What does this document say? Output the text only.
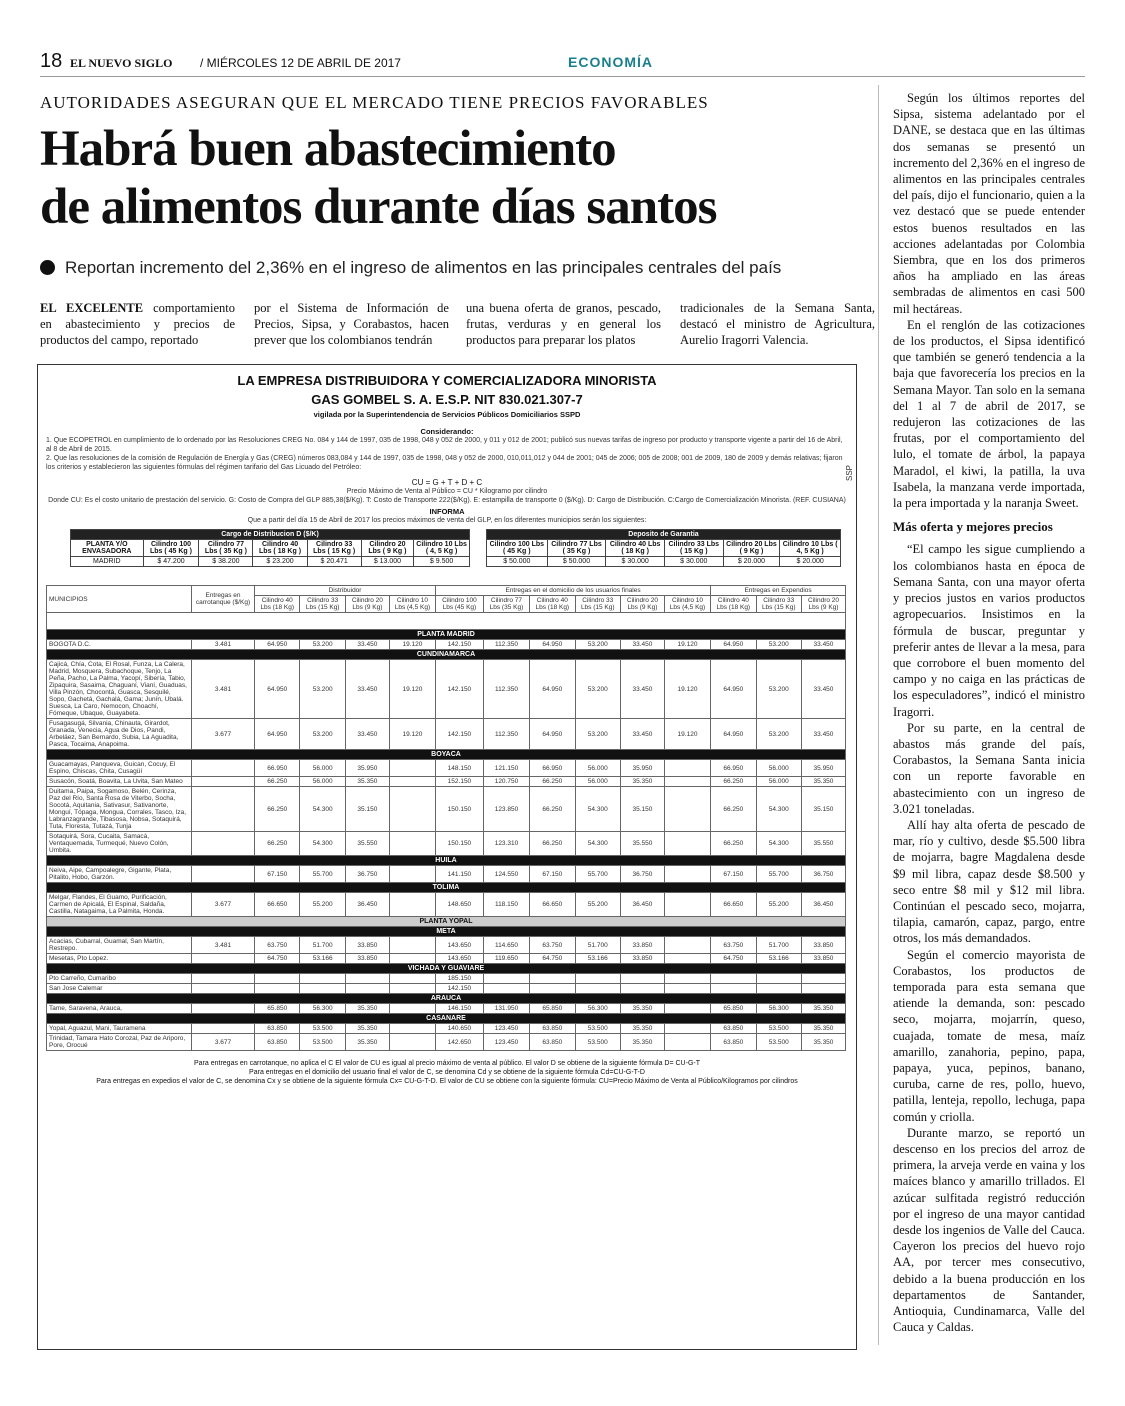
18 EL NUEVO SIGLO / MIÉRCOLES 12 DE ABRIL DE 2017	ECONOMÍA
AUTORIDADES ASEGURAN QUE EL MERCADO TIENE PRECIOS FAVORABLES
Habrá buen abastecimiento
de alimentos durante días santos
Reportan incremento del 2,36% en el ingreso de alimentos en las principales centrales del país
EL EXCELENTE comportamiento en abastecimiento y precios de productos del campo, reportado
por el Sistema de Información de Precios, Sipsa, y Corabastos, hacen prever que los colombianos tendrán
una buena oferta de granos, pescado, frutas, verduras y en general los productos para preparar los platos
tradicionales de la Semana Santa, destacó el ministro de Agricultura, Aurelio Iragorri Valencia.
LA EMPRESA DISTRIBUIDORA Y COMERCIALIZADORA MINORISTA
GAS GOMBEL S. A. E.S.P. NIT 830.021.307-7
vigilada por la Superintendencia de Servicios Públicos Domiciliarios SSPD
Considerando:
1. Que ECOPETROL en cumplimiento de lo ordenado por las Resoluciones CREG No. 084 y 144 de 1997, 035 de 1998, 048 y 052 de 2000, y 011 y 012 de 2001; publicó sus nuevas tarifas de ingreso por producto y transporte vigente a partir del 16 de Abril, al 8 de Abril de 2015.
2. Que las resoluciones de la comisión de Regulación de Energía y Gas (CREG) números 083,084 y 144 de 1997, 035 de 1998, 048 y 052 de 2000, 010,011,012 y 044 de 2001; 045 de 2006; 005 de 2008; 001 de 2009, 180 de 2009 y demás relativas; fijaron los criterios y establecieron las siguientes fórmulas del régimen tarifario del Gas Licuado del Petróleo:
CU = G + T + D + C
Precio Máximo de Venta al Público = CU * Kilogramo por cilindro
Donde CU: Es el costo unitario de prestación del servicio. G: Costo de Compra del GLP 885,38($/Kg). T: Costo de Transporte 222($/Kg). E: estampilla de transporte 0 ($/Kg). D: Cargo de Distribución. C:Cargo de Comercialización Minorista. (REF. CUSIANA)
INFORMA
Que a partir del día 15 de Abril de 2017 los precios máximos de venta del GLP, en los diferentes municipios serán los siguientes:
SSP
Cargo de Distribucion D ($/K)						
PLANTA Y/O ENVASADORA	Cilindro 100 Lbs ( 45 Kg )	Cilindro 77 Lbs ( 35 Kg )	Cilindro 40 Lbs ( 18 Kg )	Cilindro 33 Lbs ( 15 Kg )	Cilindro 20 Lbs ( 9 Kg )	Cilindro 10 Lbs ( 4, 5 Kg )
MADRID	$ 47.200	$ 38.200	$ 23.200	$ 20.471	$ 13.000	$ 9.500
Deposito de Garantia					
Cilindro 100 Lbs ( 45 Kg )	Cilindro 77 Lbs ( 35 Kg )	Cilindro 40 Lbs ( 18 Kg )	Cilindro 33 Lbs ( 15 Kg )	Cilindro 20 Lbs ( 9 Kg )	Cilindro 10 Lbs ( 4, 5 Kg )
$ 50.000	$ 50.000	$ 30.000	$ 30.000	$ 20.000	$ 20.000
MUNICIPIOS	Entregas en carrotanque ($/Kg)	Distribuidor				Entregas en el domicilio de los usuarios finales						Entregas en Expendios		
		Cilindro 40 Lbs (18 Kg)	Cilindro 33 Lbs (15 Kg)	Cilindro 20 Lbs (9 Kg)	Cilindro 10 Lbs (4,5 Kg)	Cilindro 100 Lbs (45 Kg)	Cilindro 77 Lbs (35 Kg)	Cilindro 40 Lbs (18 Kg)	Cilindro 33 Lbs (15 Kg)	Cilindro 20 Lbs (9 Kg)	Cilindro 10 Lbs (4,5 Kg)	Cilindro 40 Lbs (18 Kg)	Cilindro 33 Lbs (15 Kg)	Cilindro 20 Lbs (9 Kg)

PLANTA MADRID														
BOGOTA D.C.	3.481	64.950	53.200	33.450	19.120	142.150	112.350	64.950	53.200	33.450	19.120	64.950	53.200	33.450
CUNDINAMARCA														
Cajicá, Chía, Cota, El Rosal, Funza, La Calera, Madrid, Mosquera, Subachoque, Tenjo, La Peña, Pacho, La Palma, Yacopí, Sibería, Tabio, Zipaquira, Sasaima, Chaguaní, Vianí, Guaduas, Villa Pinzón, Chocontá, Guasca, Sesquilé, Sopo, Gachetá, Gachalá, Gama; Junín, Ubalá. Suesca, La Caro, Nemocon, Choachí, Fómeque, Ubaque, Guayabeta.	3.481	64.950	53.200	33.450	19.120	142.150	112.350	64.950	53.200	33.450	19.120	64.950	53.200	33.450
Fusagasugá, Silvania, Chinauta, Girardot, Granada, Venecia, Agua de Dios, Pandi, Arbeláez, San Bernardo, Subia, La Aguadita, Pasca, Tocaima, Anapoima.	3.677	64.950	53.200	33.450	19.120	142.150	112.350	64.950	53.200	33.450	19.120	64.950	53.200	33.450
BOYACA														
Guacamayas, Panqueva, Guican, Cocuy, El Espino, Chiscas, Chita, Cusagüí		66.950	56.000	35.950		148.150	121.150	66.950	56.000	35.950		66.950	56.000	35.950
Susacón, Soatá, Boavita, La Uvita, San Mateo		66.250	56.000	35.350		152.150	120.750	66.250	56.000	35.350		66.250	56.000	35.350
Duitama, Paipa, Sogamoso, Belén, Cerinza, Paz del Río, Santa Rosa de Viterbo, Socha, Socotá, Aquitania, Sativasur, Sativanorte, Monguí, Tópaga, Mongua, Corrales, Tasco, Iza, Labranzagrande, Tibasosa, Nobsa, Sotaquirá, Tuta, Floresta, Tutazá, Tunja		66.250	54.300	35.150		150.150	123.850	66.250	54.300	35.150		66.250	54.300	35.150
Sotaquirá, Sora, Cucaita, Samacá, Ventaquemada, Turmequé, Nuevo Colón, Umbita.		66.250	54.300	35.550		150.150	123.310	66.250	54.300	35.550		66.250	54.300	35.550
HUILA														
Neiva, Aipe, Campoalegre, Gigante, Plata, Pitalito, Hobo, Garzón.		67.150	55.700	36.750		141.150	124.550	67.150	55.700	36.750		67.150	55.700	36.750
TOLIMA														
Melgar, Flandes, El Guamo, Purificación, Carmen de Apicalá, El Espinal, Saldaña, Castilla, Natagaima, La Palmita, Honda.	3.677	66.650	55.200	36.450		148.650	118.150	66.650	55.200	36.450		66.650	55.200	36.450
PLANTA YOPAL														
META														
Acacias, Cubarral, Guamal, San Martín, Restrepo.	3.481	63.750	51.700	33.850		143.650	114.650	63.750	51.700	33.850		63.750	51.700	33.850
Mesetas, Pto Lopez.		64.750	53.166	33.850		143.650	119.650	64.750	53.166	33.850		64.750	53.166	33.850
VICHADA Y GUAVIARE														
Pto Carreño, Cumaribo						185.150								
San Jose Calemar						142.150								
ARAUCA														
Tame, Saravena, Arauca,		65.850	56.300	35.350		146.150	131.950	65.850	56.300	35.350		65.850	56.300	35.350
CASANARE														
Yopal, Aguazul, Mani, Tauramena		63.850	53.500	35.350		140.650	123.450	63.850	53.500	35.350		63.850	53.500	35.350
Trinidad, Tamara Hato Corozal, Paz de Ariporo, Pore, Orocué	3.677	63.850	53.500	35.350		142.650	123.450	63.850	53.500	35.350		63.850	53.500	35.350
Para entregas en carrotanque, no aplica el C El valor de CU es igual al precio máximo de venta al público. El valor D se obtiene de la siguiente fórmula D= CU-G-T
Para entregas en el domicilio del usuario final el valor de C, se denomina Cd y se obtiene de la siguiente fórmula Cd=CU-G-T-D
Para entregas en expedios el valor de C, se denomina Cx y se obtiene de la siguiente fórmula Cx= CU-G-T-D. El valor de CU se obtiene con la siguiente fórmula: CU=Precio Máximo de Venta al Público/Kilogramos por cilindros

Según los últimos reportes del Sipsa, sistema adelantado por el DANE, se destaca que en las últimas dos semanas se presentó un incremento del 2,36% en el ingreso de alimentos en las principales centrales del país, dijo el funcionario, quien a la vez destacó que se puede entender estos buenos resultados en las acciones adelantadas por Colombia Siembra, que en los dos primeros años ha ampliado en las áreas sembradas de alimentos en casi 500 mil hectáreas.

En el renglón de las cotizaciones de los productos, el Sipsa identificó que también se generó tendencia a la baja que favorecería los precios en la Semana Mayor. Tan solo en la semana del 1 al 7 de abril de 2017, se redujeron las cotizaciones de las frutas, por el comportamiento del lulo, el tomate de árbol, la papaya Maradol, el kiwi, la patilla, la uva Isabela, la manzana verde importada, la pera importada y la naranja Sweet.

Más oferta y mejores precios

“El campo les sigue cumpliendo a los colombianos hasta en época de Semana Santa, con una mayor oferta y precios justos en varios productos agropecuarios. Insistimos en la fórmula de buscar, preguntar y preferir antes de llevar a la mesa, para que corrobore el buen momento del campo y no caiga en las prácticas de los especuladores”, indicó el ministro Iragorri.

Por su parte, en la central de abastos más grande del país, Corabastos, la Semana Santa inicia con un reporte favorable en abastecimiento con un ingreso de 3.021 toneladas.

Allí hay alta oferta de pescado de mar, río y cultivo, desde $5.500 libra de mojarra, bagre Magdalena desde $9 mil libra, capaz desde $8.500 y seco entre $8 mil y $12 mil libra. Continúan el pescado seco, mojarra, tilapia, camarón, capaz, pargo, entre otros, los más demandados.

Según el comercio mayorista de Corabastos, los productos de temporada para esta semana que atiende la demanda, son: pescado seco, mojarra, mojarrín, queso, cuajada, tomate de mesa, maíz amarillo, zanahoria, pepino, papa, papaya, yuca, pepinos, banano, curuba, carne de res, pollo, huevo, patilla, lenteja, repollo, lechuga, papa común y criolla.

Durante marzo, se reportó un descenso en los precios del arroz de primera, la arveja verde en vaina y los maíces blanco y amarillo trillados. El azúcar sulfitada registró reducción por el ingreso de una mayor cantidad desde los ingenios de Valle del Cauca. Cayeron los precios del huevo rojo AA, por tercer mes consecutivo, debido a la buena producción en los departamentos de Santander, Antioquia, Cundinamarca, Valle del Cauca y Caldas.
